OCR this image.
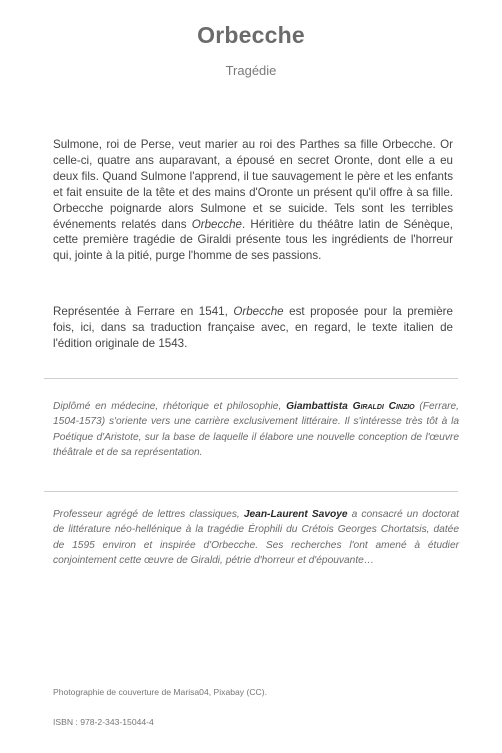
Orbecche
Tragédie
Sulmone, roi de Perse, veut marier au roi des Parthes sa fille Orbecche. Or celle-ci, quatre ans auparavant, a épousé en secret Oronte, dont elle a eu deux fils. Quand Sulmone l'apprend, il tue sauvagement le père et les enfants et fait ensuite de la tête et des mains d'Oronte un présent qu'il offre à sa fille. Orbecche poignarde alors Sulmone et se suicide. Tels sont les terribles événements relatés dans Orbecche. Héritière du théâtre latin de Sénèque, cette première tragédie de Giraldi présente tous les ingrédients de l'horreur qui, jointe à la pitié, purge l'homme de ses passions.
Représentée à Ferrare en 1541, Orbecche est proposée pour la première fois, ici, dans sa traduction française avec, en regard, le texte italien de l'édition originale de 1543.
Diplômé en médecine, rhétorique et philosophie, Giambattista Giraldi Cinzio (Ferrare, 1504-1573) s'oriente vers une carrière exclusivement littéraire. Il s'intéresse très tôt à la Poétique d'Aristote, sur la base de laquelle il élabore une nouvelle conception de l'œuvre théâtrale et de sa représentation.
Professeur agrégé de lettres classiques, Jean-Laurent Savoye a consacré un doctorat de littérature néo-hellénique à la tragédie Érophili du Crétois Georges Chortatsis, datée de 1595 environ et inspirée d'Orbecche. Ses recherches l'ont amené à étudier conjointement cette œuvre de Giraldi, pétrie d'horreur et d'épouvante…
Photographie de couverture de Marisa04, Pixabay (CC).
ISBN : 978-2-343-15044-4
